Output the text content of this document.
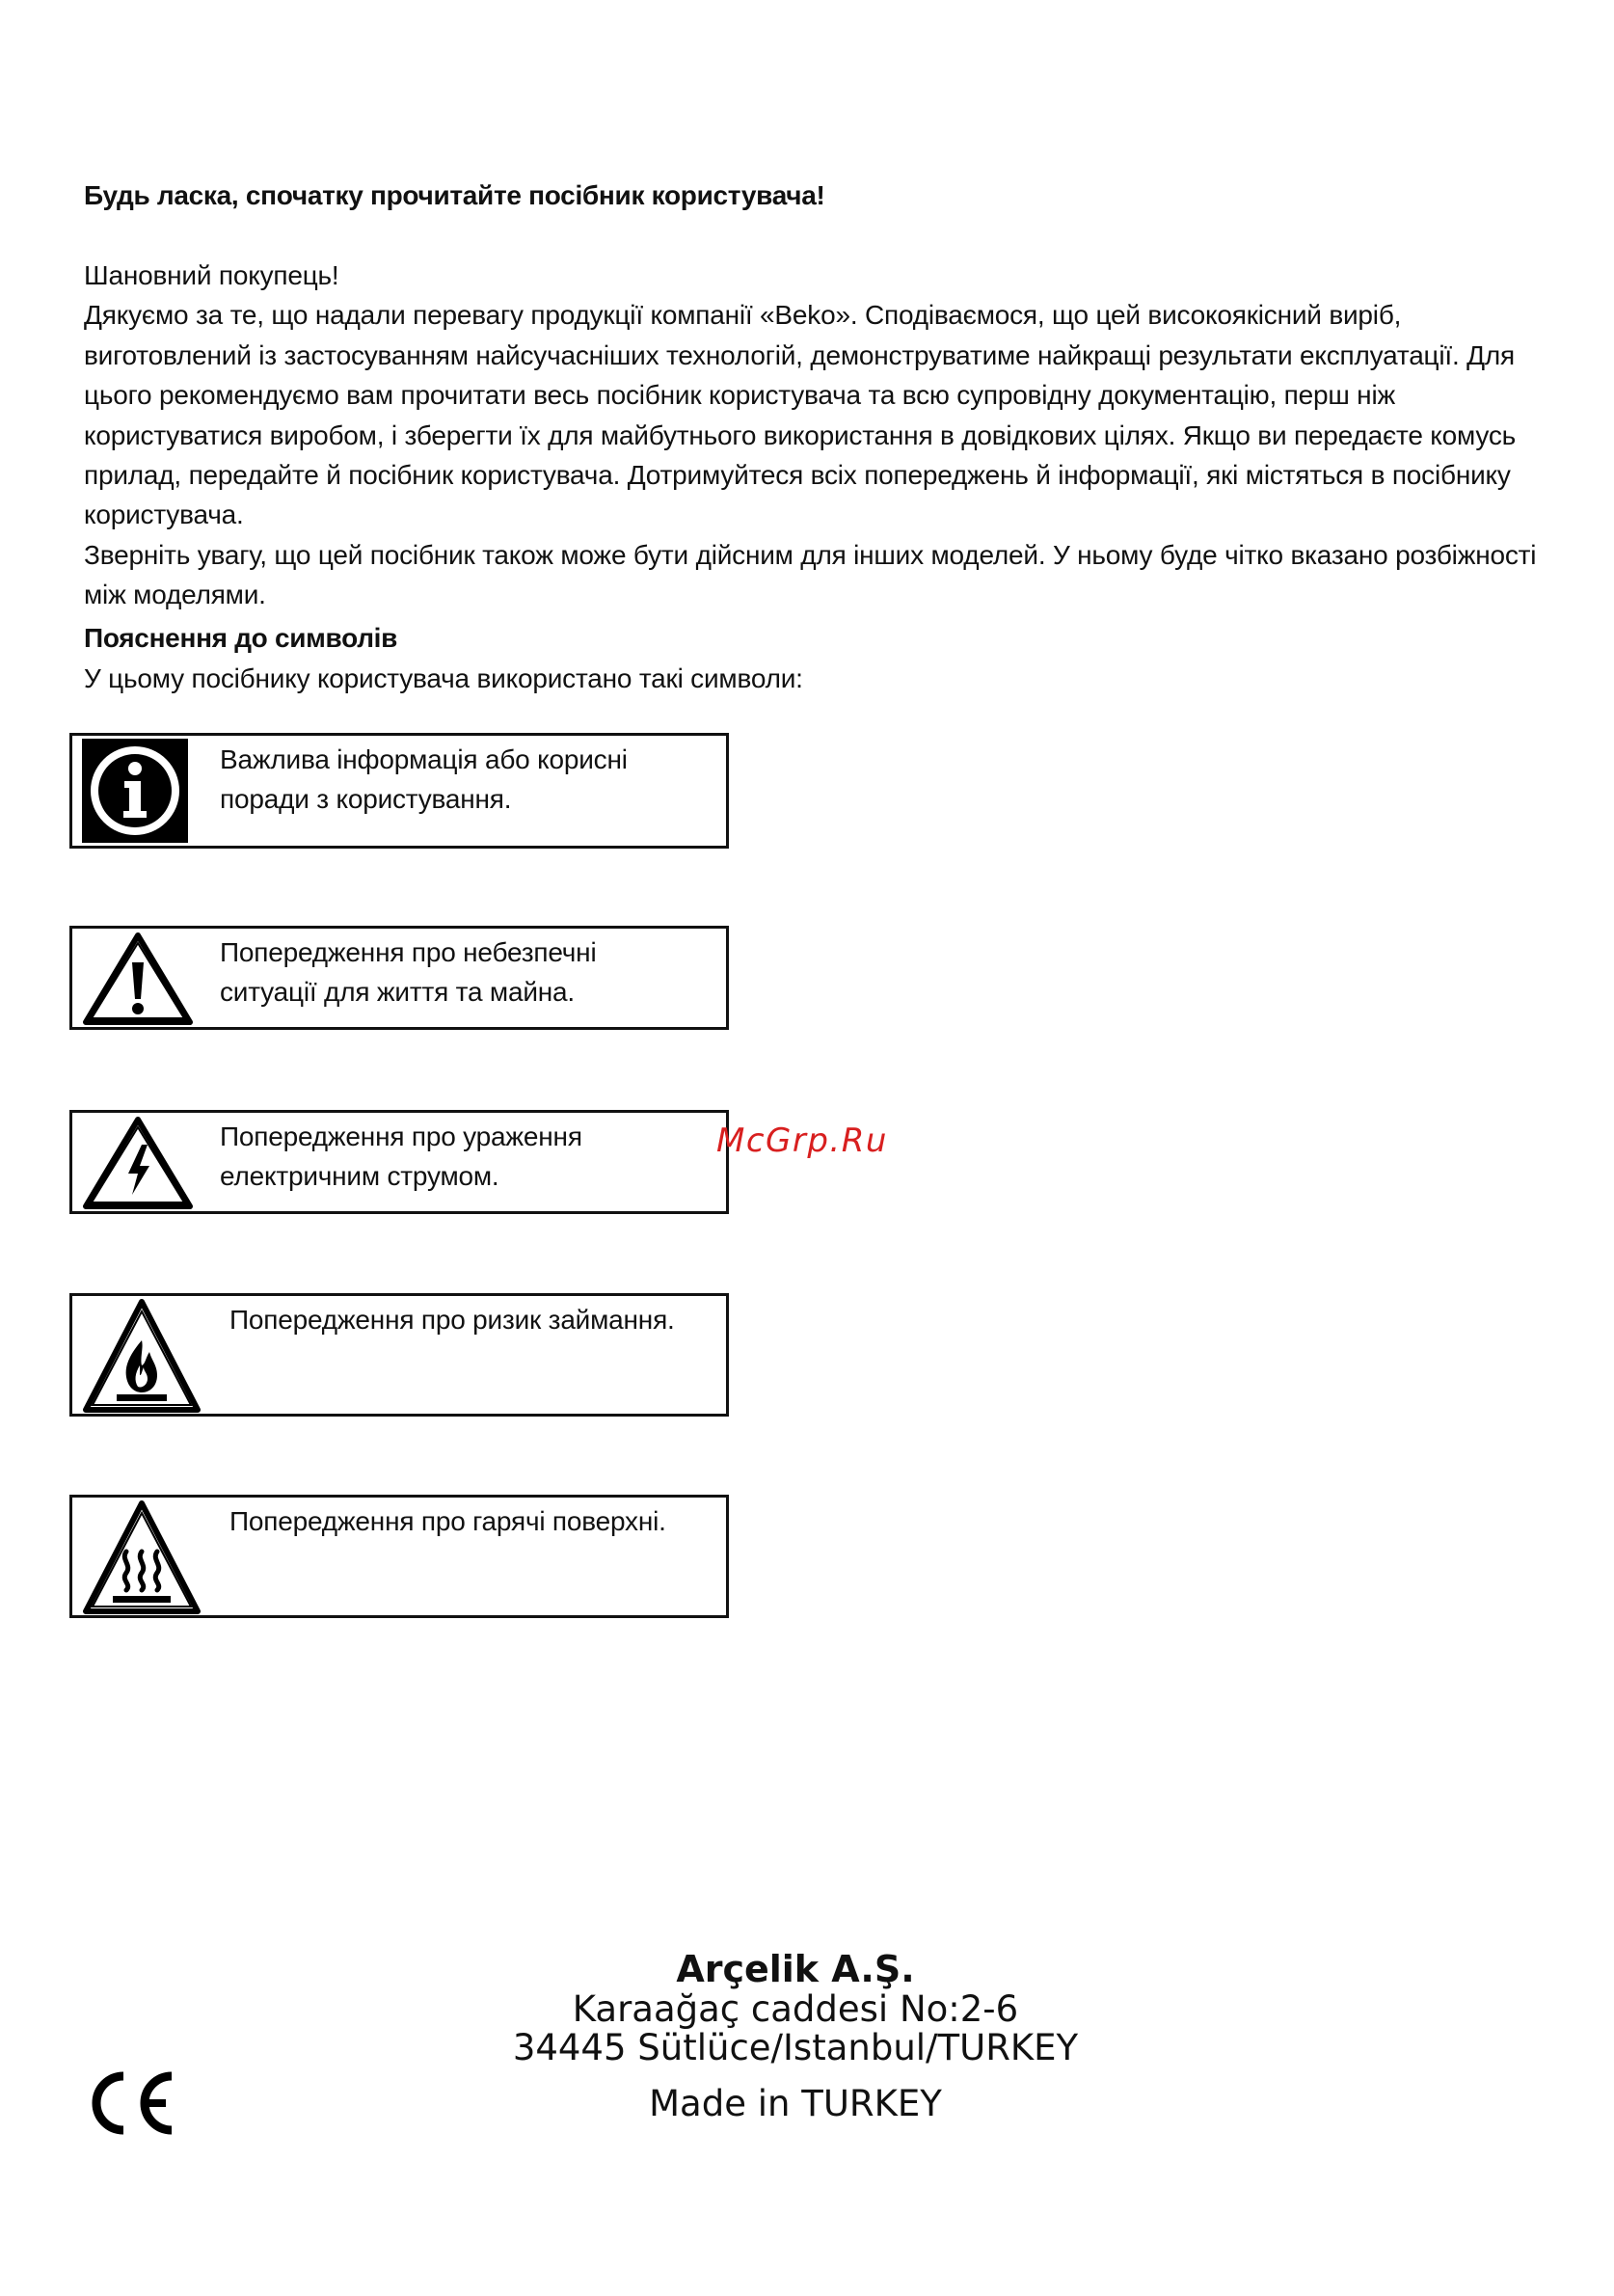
Будь ласка, спочатку прочитайте посібник користувача!

Шановний покупець!

Дякуємо за те, що надали перевагу продукції компанії «Beko». Сподіваємося, що цей високоякісний виріб, виготовлений із застосуванням найсучасніших технологій, демонструватиме найкращі результати експлуатації. Для цього рекомендуємо вам прочитати весь посібник користувача та всю супровідну документацію, перш ніж користуватися виробом, і зберегти їх для майбутнього використання в довідкових цілях. Якщо ви передаєте комусь прилад, передайте й посібник користувача. Дотримуйтеся всіх попереджень й інформації, які містяться в посібнику користувача.

Зверніть увагу, що цей посібник також може бути дійсним для інших моделей. У ньому буде чітко вказано розбіжності між моделями.

Пояснення до символів

У цьому посібнику користувача використано такі символи:

Важлива інформація або корисні
поради з користування.
Попередження про небезпечні
ситуації для життя та майна.
Попередження про ураження
електричним струмом.
Попередження про ризик займання.
Попередження про гарячі поверхні.
McGrp.Ru
Arçelik A.Ş.
Karaağaç caddesi No:2-6
34445 Sütlüce/Istanbul/TURKEY
Made in TURKEY
